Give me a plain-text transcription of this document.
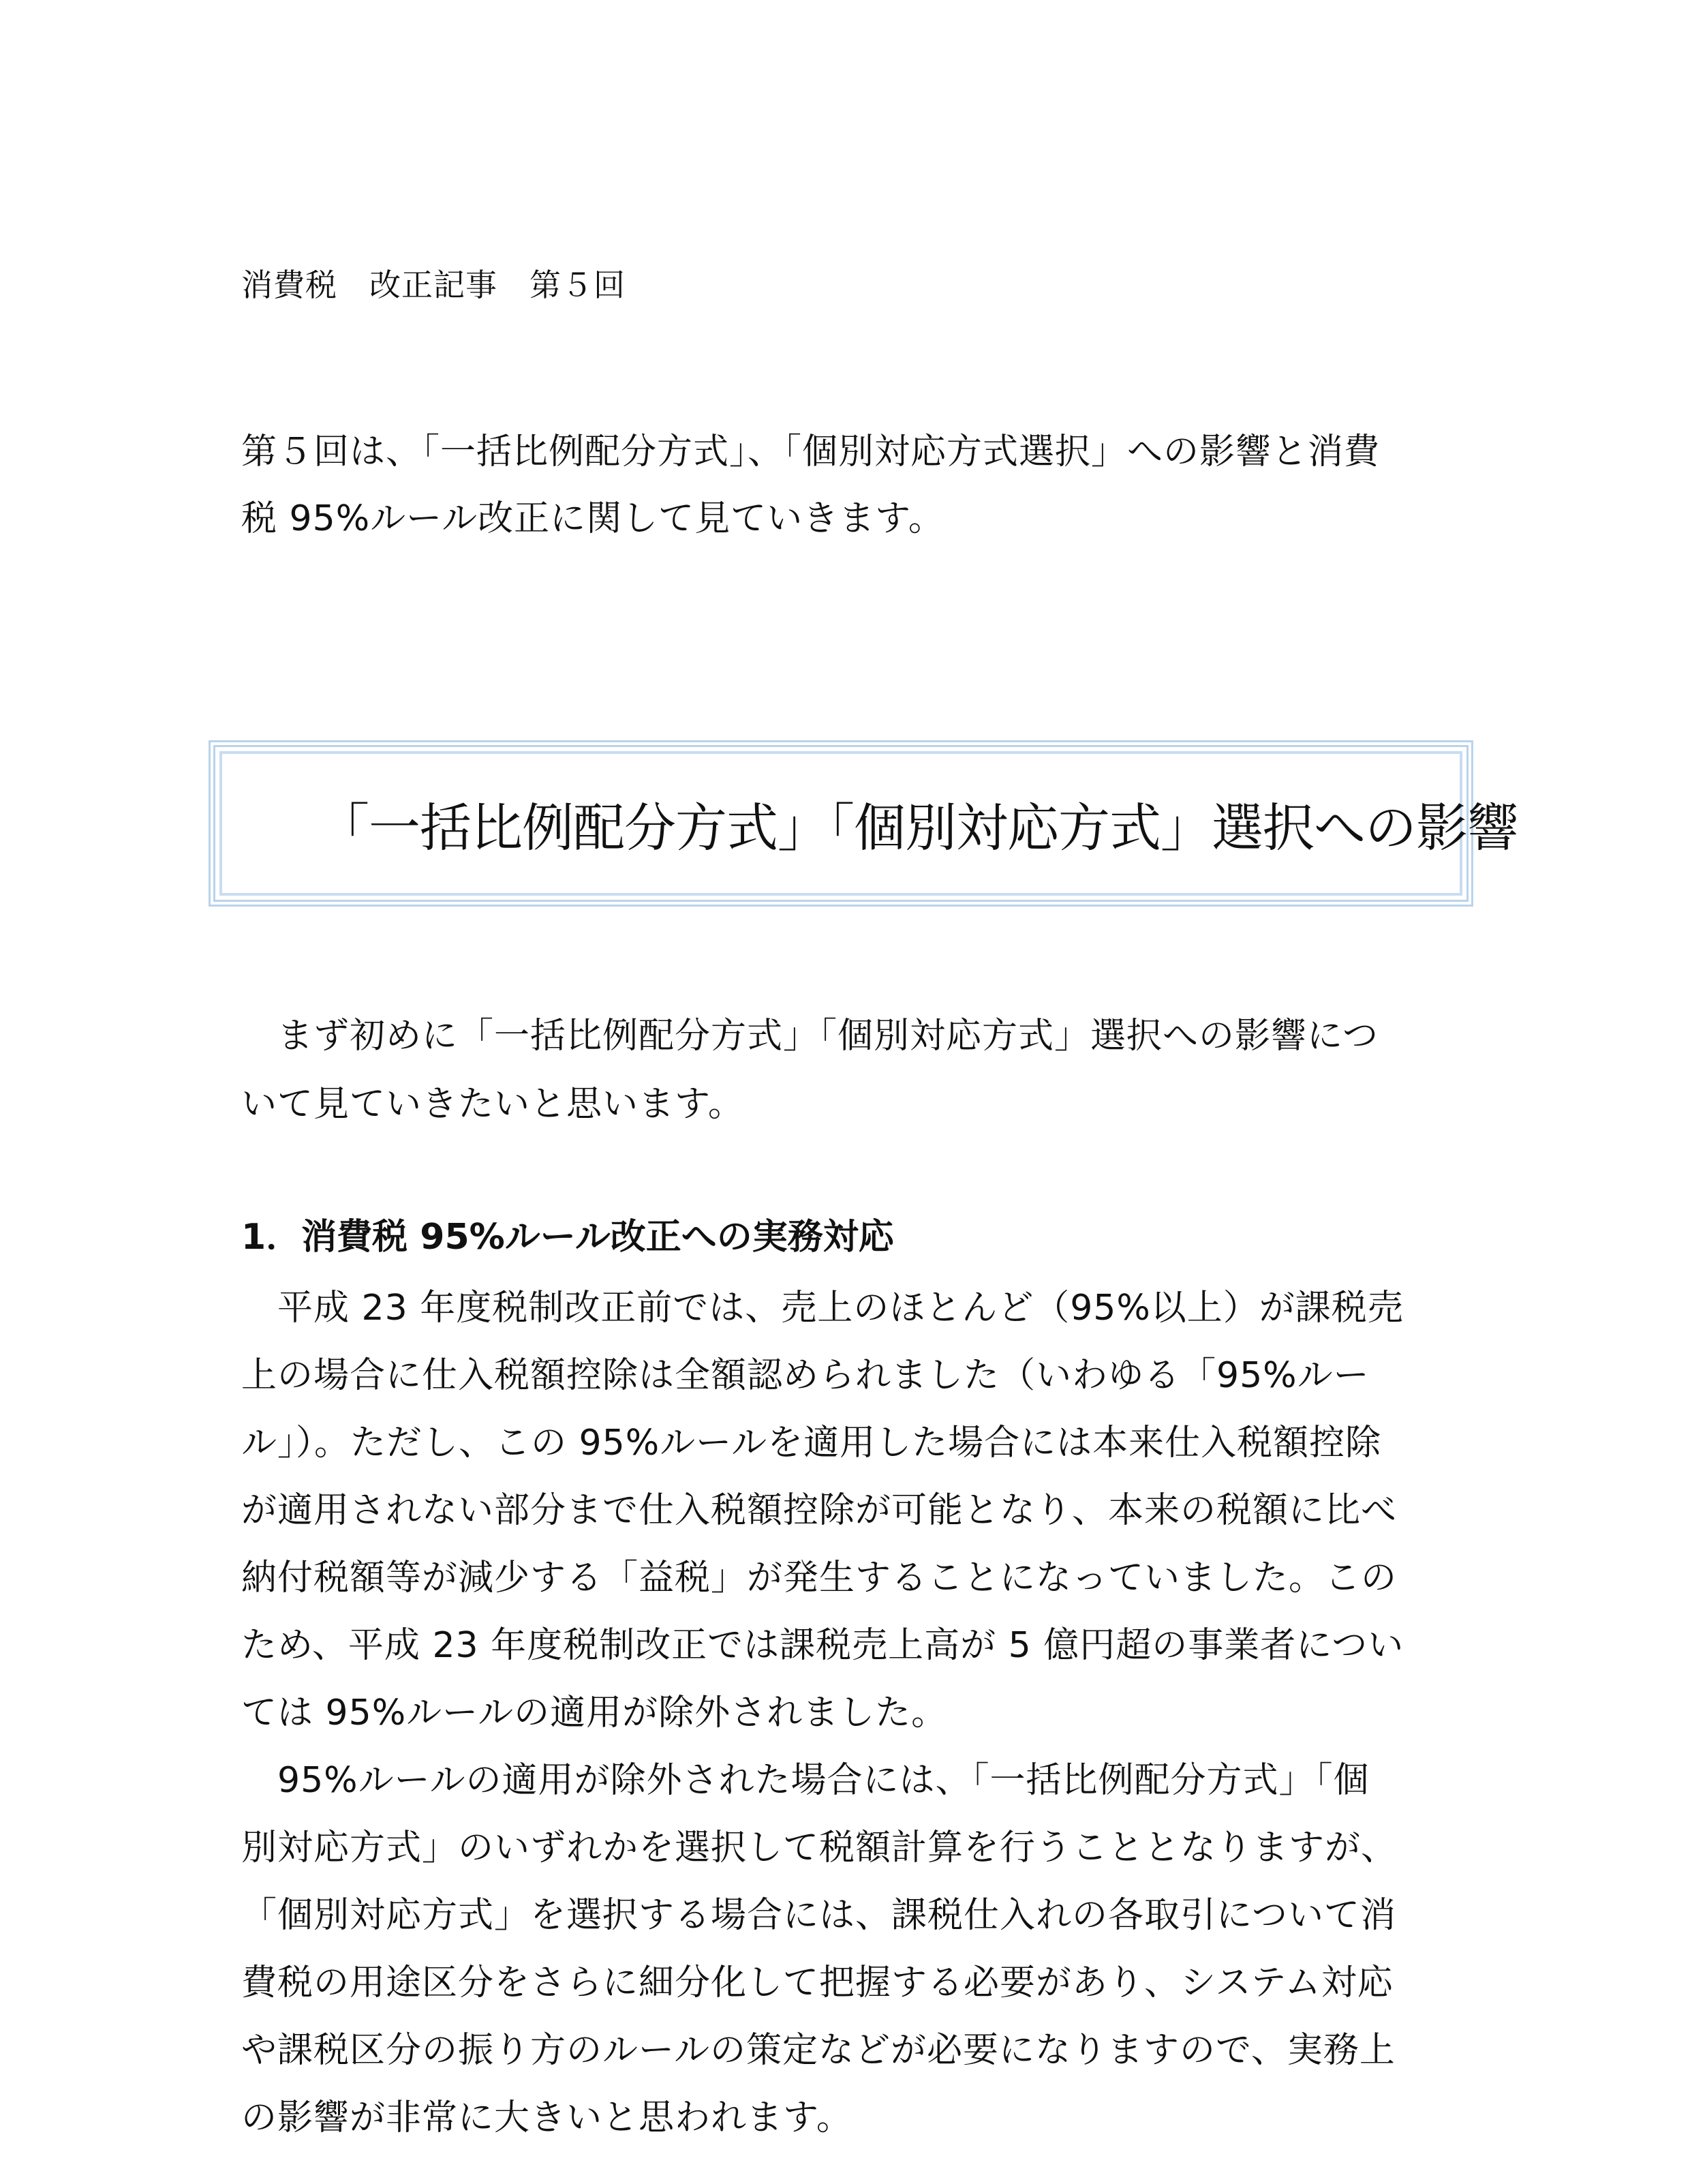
消費税　改正記事　第５回

第５回は、「一括比例配分方式」、「個別対応方式選択」への影響と消費

税 95%ルール改正に関して見ていきます。

「一括比例配分方式」「個別対応方式」選択への影響

　まず初めに「一括比例配分方式」「個別対応方式」選択への影響につ

いて見ていきたいと思います。

1．消費税 95%ルール改正への実務対応

　平成 23 年度税制改正前では、売上のほとんど（95%以上）が課税売

上の場合に仕入税額控除は全額認められました（いわゆる「95%ルー

ル」）。ただし、この 95%ルールを適用した場合には本来仕入税額控除

が適用されない部分まで仕入税額控除が可能となり、本来の税額に比べ

納付税額等が減少する「益税」が発生することになっていました。この

ため、平成 23 年度税制改正では課税売上高が 5 億円超の事業者につい

ては 95%ルールの適用が除外されました。

　95%ルールの適用が除外された場合には、「一括比例配分方式」「個

別対応方式」のいずれかを選択して税額計算を行うこととなりますが、

「個別対応方式」を選択する場合には、課税仕入れの各取引について消

費税の用途区分をさらに細分化して把握する必要があり、システム対応

や課税区分の振り方のルールの策定などが必要になりますので、実務上

の影響が非常に大きいと思われます。
